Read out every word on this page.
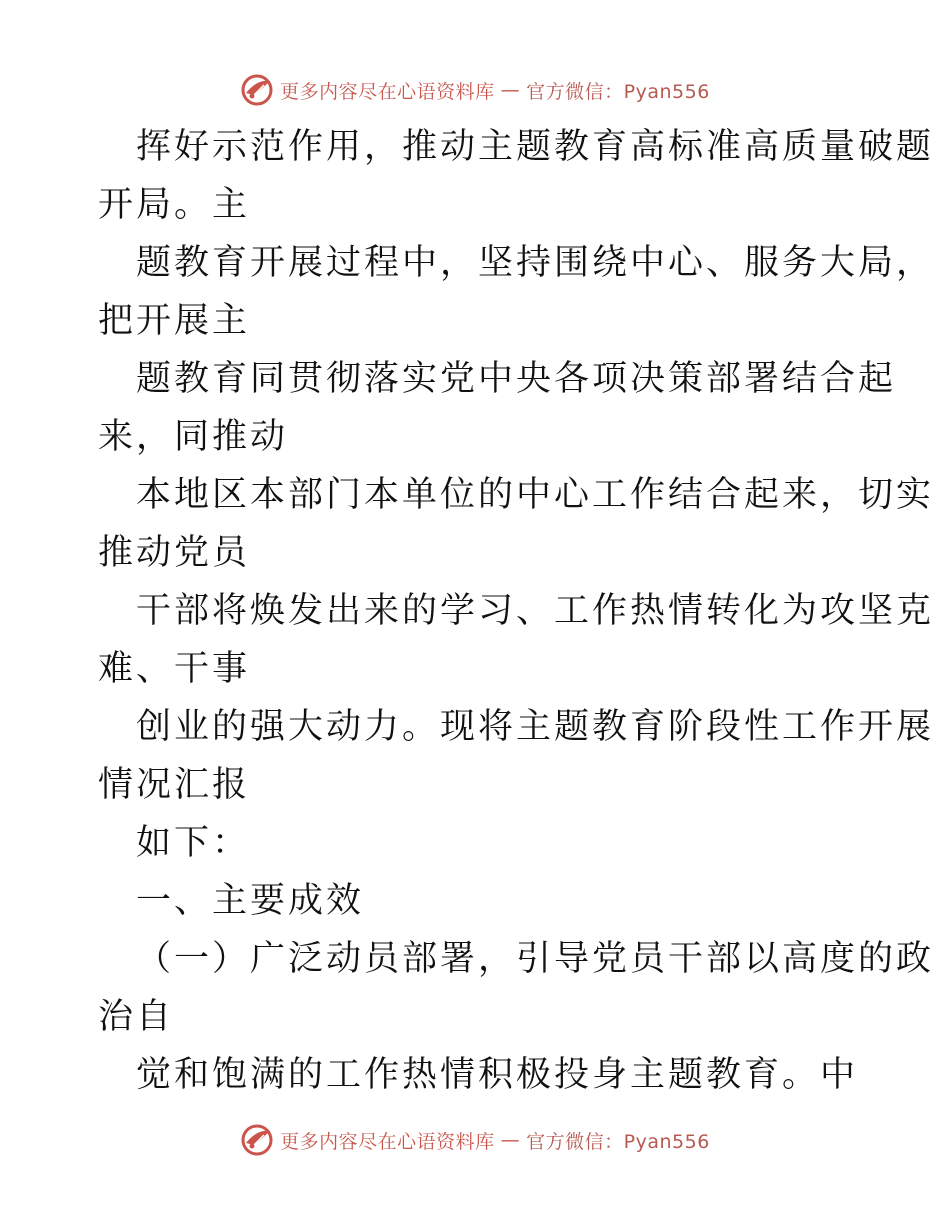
更多内容尽在心语资料库 — 官方微信：Pyan556
挥好示范作用，推动主题教育高标准高质量破题
开局。主
题教育开展过程中，坚持围绕中心、服务大局，
把开展主
题教育同贯彻落实党中央各项决策部署结合起
来，同推动
本地区本部门本单位的中心工作结合起来，切实
推动党员
干部将焕发出来的学习、工作热情转化为攻坚克
难、干事
创业的强大动力。现将主题教育阶段性工作开展
情况汇报
如下：
一、主要成效
（一）广泛动员部署，引导党员干部以高度的政
治自
觉和饱满的工作热情积极投身主题教育。中
更多内容尽在心语资料库 — 官方微信：Pyan556
